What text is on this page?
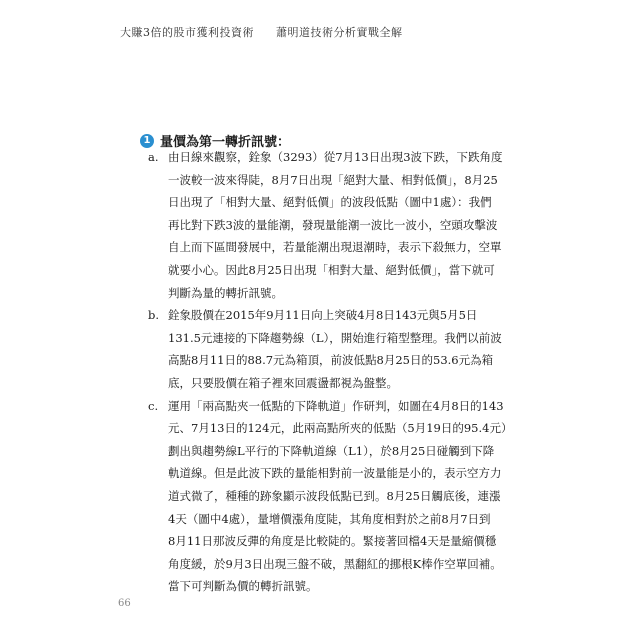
大賺3倍的股市獲利投資術 蕭明道技術分析實戰全解
1 量價為第一轉折訊號：
a. 由日線來觀察，銓象（3293）從7月13日出現3波下跌，下跌角度
一波較一波來得陡，8月7日出現「絕對大量、相對低價」，8月25
日出現了「相對大量、絕對低價」的波段低點（圖中1處）：我們
再比對下跌3波的量能潮，發現量能潮一波比一波小，空頭攻擊波
自上而下區間發展中，若量能潮出現退潮時，表示下殺無力，空單
就要小心。因此8月25日出現「相對大量、絕對低價」，當下就可
判斷為量的轉折訊號。
b. 銓象股價在2015年9月11日向上突破4月8日143元與5月5日
131.5元連接的下降趨勢線（L），開始進行箱型整理。我們以前波
高點8月11日的88.7元為箱頂，前波低點8月25日的53.6元為箱
底，只要股價在箱子裡來回震盪都視為盤整。
c. 運用「兩高點夾一低點的下降軌道」作研判，如圖在4月8日的143
元、7月13日的124元，此兩高點所夾的低點（5月19日的95.4元）
劃出與趨勢線L平行的下降軌道線（L1），於8月25日碰觸到下降
軌道線。但是此波下跌的量能相對前一波量能是小的，表示空方力
道式微了，種種的跡象顯示波段低點已到。8月25日觸底後，連漲
4天（圖中4處），量增價漲角度陡，其角度相對於之前8月7日到
8月11日那波反彈的角度是比較陡的。緊接著回檔4天是量縮價穩
角度緩，於9月3日出現三盤不破，黑翻紅的挪根K棒作空單回補。
當下可判斷為價的轉折訊號。
66
